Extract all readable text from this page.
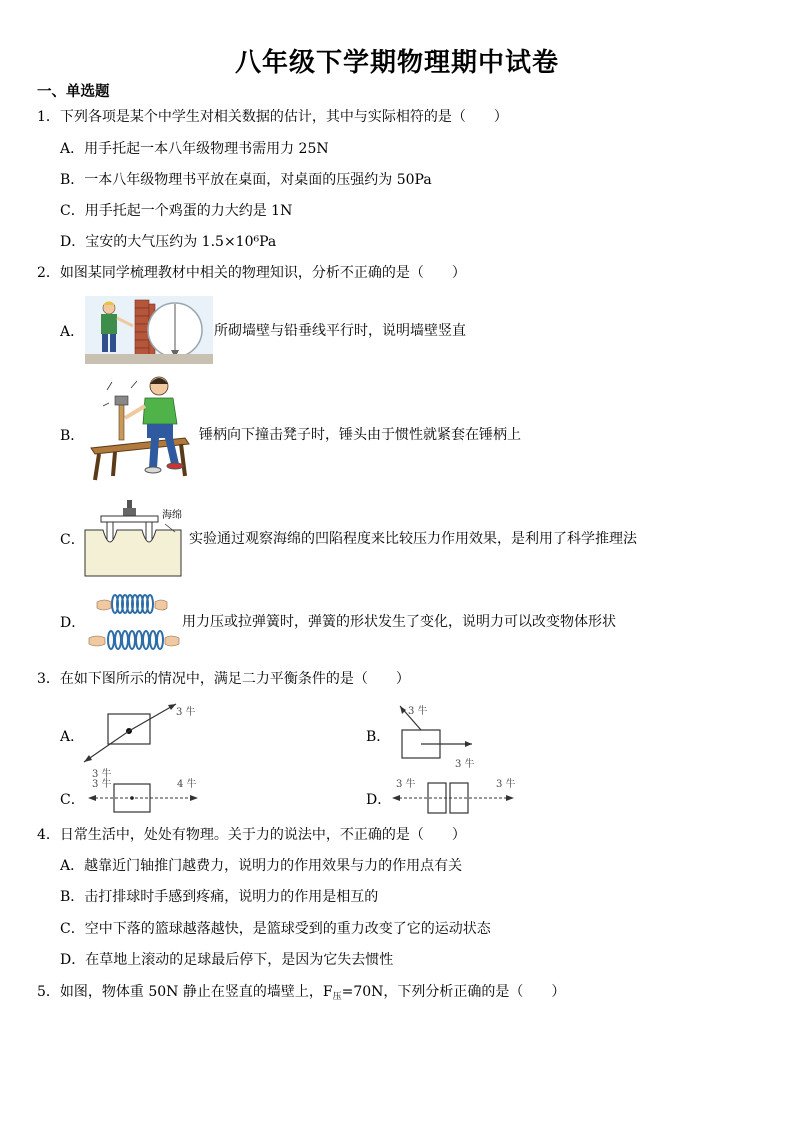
八年级下学期物理期中试卷
一、单选题
1．下列各项是某个中学生对相关数据的估计，其中与实际相符的是（　　）
A．用手托起一本八年级物理书需用力 25N
B．一本八年级物理书平放在桌面，对桌面的压强约为 50Pa
C．用手托起一个鸡蛋的力大约是 1N
D．宝安的大气压约为 1.5×10⁶Pa
2．如图某同学梳理教材中相关的物理知识，分析不正确的是（　　）
A．	所砌墙壁与铅垂线平行时，说明墙壁竖直
B．	锤柄向下撞击凳子时，锤头由于惯性就紧套在锤柄上
C．
海绵
实验通过观察海绵的凹陷程度来比较压力作用效果，是利用了科学推理法
D．	用力压或拉弹簧时，弹簧的形状发生了变化，说明力可以改变物体形状
3．在如下图所示的情况中，满足二力平衡条件的是（　　）
A．
3 牛
3 牛
B．
3 牛
3 牛
C．
3 牛	4 牛
D．
3 牛	3 牛
4．日常生活中，处处有物理。关于力的说法中，不正确的是（　　）
A．越靠近门轴推门越费力，说明力的作用效果与力的作用点有关
B．击打排球时手感到疼痛，说明力的作用是相互的
C．空中下落的篮球越落越快，是篮球受到的重力改变了它的运动状态
D．在草地上滚动的足球最后停下，是因为它失去惯性
5．如图，物体重 50N 静止在竖直的墙壁上，$F_压=70N$，下列分析正确的是（　　）
